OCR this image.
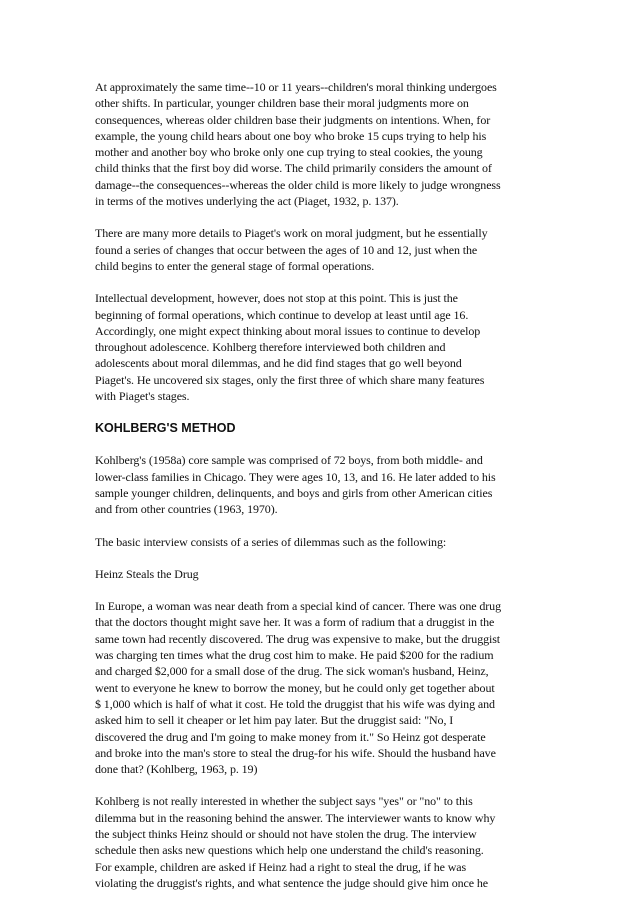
At approximately the same time--10 or 11 years--children's moral thinking undergoes
other shifts. In particular, younger children base their moral judgments more on
consequences, whereas older children base their judgments on intentions. When, for
example, the young child hears about one boy who broke 15 cups trying to help his
mother and another boy who broke only one cup trying to steal cookies, the young
child thinks that the first boy did worse. The child primarily considers the amount of
damage--the consequences--whereas the older child is more likely to judge wrongness
in terms of the motives underlying the act (Piaget, 1932, p. 137).

There are many more details to Piaget's work on moral judgment, but he essentially
found a series of changes that occur between the ages of 10 and 12, just when the
child begins to enter the general stage of formal operations.

Intellectual development, however, does not stop at this point. This is just the
beginning of formal operations, which continue to develop at least until age 16.
Accordingly, one might expect thinking about moral issues to continue to develop
throughout adolescence. Kohlberg therefore interviewed both children and
adolescents about moral dilemmas, and he did find stages that go well beyond
Piaget's. He uncovered six stages, only the first three of which share many features
with Piaget's stages.

KOHLBERG'S METHOD

Kohlberg's (1958a) core sample was comprised of 72 boys, from both middle- and
lower-class families in Chicago. They were ages 10, 13, and 16. He later added to his
sample younger children, delinquents, and boys and girls from other American cities
and from other countries (1963, 1970).

The basic interview consists of a series of dilemmas such as the following:

Heinz Steals the Drug

In Europe, a woman was near death from a special kind of cancer. There was one drug
that the doctors thought might save her. It was a form of radium that a druggist in the
same town had recently discovered. The drug was expensive to make, but the druggist
was charging ten times what the drug cost him to make. He paid $200 for the radium
and charged $2,000 for a small dose of the drug. The sick woman's husband, Heinz,
went to everyone he knew to borrow the money, but he could only get together about
$ 1,000 which is half of what it cost. He told the druggist that his wife was dying and
asked him to sell it cheaper or let him pay later. But the druggist said: "No, I
discovered the drug and I'm going to make money from it." So Heinz got desperate
and broke into the man's store to steal the drug-for his wife. Should the husband have
done that? (Kohlberg, 1963, p. 19)

Kohlberg is not really interested in whether the subject says "yes" or "no" to this
dilemma but in the reasoning behind the answer. The interviewer wants to know why
the subject thinks Heinz should or should not have stolen the drug. The interview
schedule then asks new questions which help one understand the child's reasoning.
For example, children are asked if Heinz had a right to steal the drug, if he was
violating the druggist's rights, and what sentence the judge should give him once he
